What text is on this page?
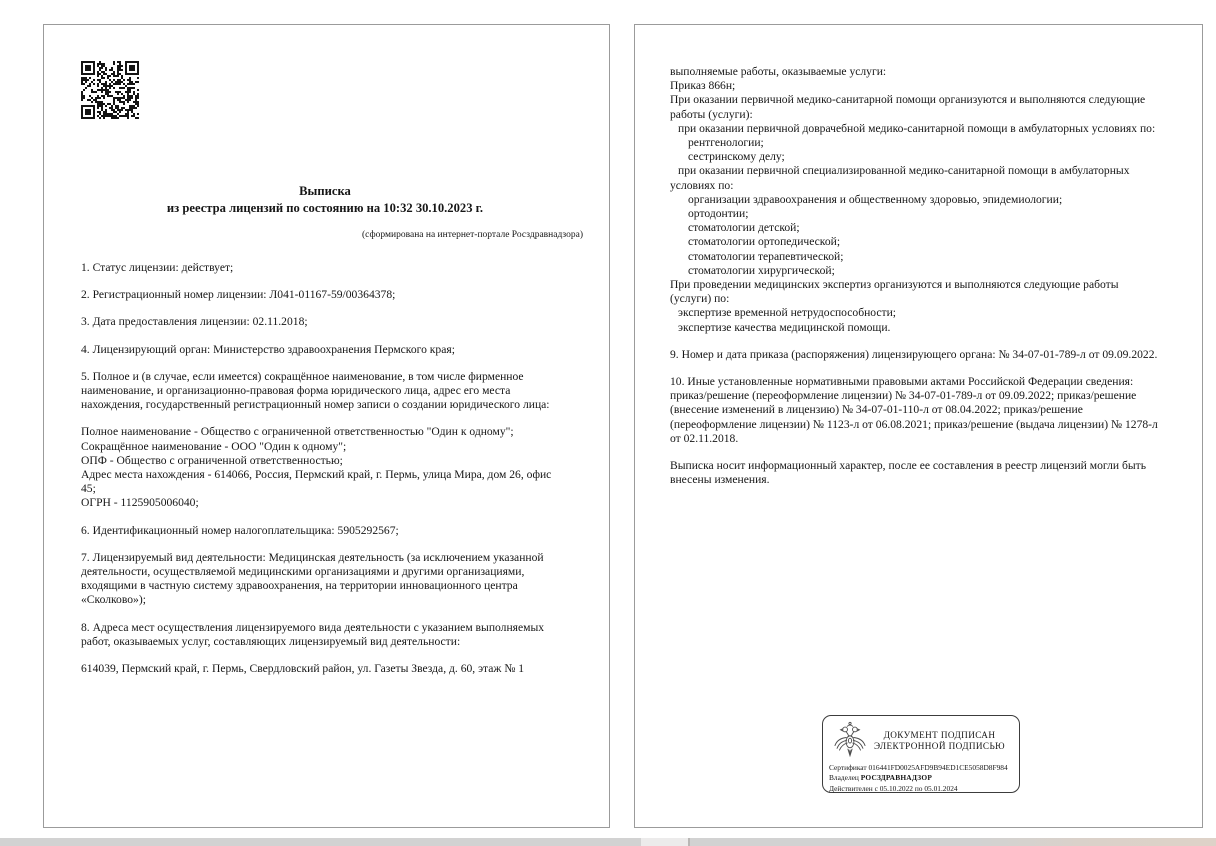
Выписка
из реестра лицензий по состоянию на 10:32 30.10.2023 г.
(сформирована на интернет-портале Росздравнадзора)
1. Статус лицензии: действует;
2. Регистрационный номер лицензии: Л041-01167-59/00364378;
3. Дата предоставления лицензии: 02.11.2018;
4. Лицензирующий орган: Министерство здравоохранения Пермского края;
5. Полное и (в случае, если имеется) сокращённое наименование, в том числе фирменное наименование, и организационно-правовая форма юридического лица, адрес его места нахождения, государственный регистрационный номер записи о создании юридического лица:
Полное наименование - Общество с ограниченной ответственностью "Один к одному";
Сокращённое наименование - ООО "Один к одному";
ОПФ - Общество с ограниченной ответственностью;
Адрес места нахождения - 614066, Россия, Пермский край, г. Пермь, улица Мира, дом 26, офис 45;
ОГРН - 1125905006040;
6. Идентификационный номер налогоплательщика: 5905292567;
7. Лицензируемый вид деятельности: Медицинская деятельность (за исключением указанной деятельности, осуществляемой медицинскими организациями и другими организациями, входящими в частную систему здравоохранения, на территории инновационного центра «Сколково»);
8. Адреса мест осуществления лицензируемого вида деятельности с указанием выполняемых работ, оказываемых услуг, составляющих лицензируемый вид деятельности:
614039, Пермский край, г. Пермь, Свердловский район, ул. Газеты Звезда, д. 60, этаж № 1
выполняемые работы, оказываемые услуги:
Приказ 866н;
При оказании первичной медико-санитарной помощи организуются и выполняются следующие работы (услуги):
при оказании первичной доврачебной медико-санитарной помощи в амбулаторных условиях по:
рентгенологии;
сестринскому делу;
при оказании первичной специализированной медико-санитарной помощи в амбулаторных условиях по:
организации здравоохранения и общественному здоровью, эпидемиологии;
ортодонтии;
стоматологии детской;
стоматологии ортопедической;
стоматологии терапевтической;
стоматологии хирургической;
При проведении медицинских экспертиз организуются и выполняются следующие работы (услуги) по:
экспертизе временной нетрудоспособности;
экспертизе качества медицинской помощи.
9. Номер и дата приказа (распоряжения) лицензирующего органа: № 34-07-01-789-л от 09.09.2022.
10. Иные установленные нормативными правовыми актами Российской Федерации сведения: приказ/решение (переоформление лицензии) № 34-07-01-789-л от 09.09.2022; приказ/решение (внесение изменений в лицензию) № 34-07-01-110-л от 08.04.2022; приказ/решение (переоформление лицензии) № 1123-л от 06.08.2021; приказ/решение (выдача лицензии) № 1278-л от 02.11.2018.
Выписка носит информационный характер, после ее составления в реестр лицензий могли быть внесены изменения.
ДОКУМЕНТ ПОДПИСАН
ЭЛЕКТРОННОЙ ПОДПИСЬЮ
Сертификат 016441FD0025AFD9B94ED1CE5058D8F984
Владелец РОСЗДРАВНАДЗОР
Действителен с 05.10.2022 по 05.01.2024
